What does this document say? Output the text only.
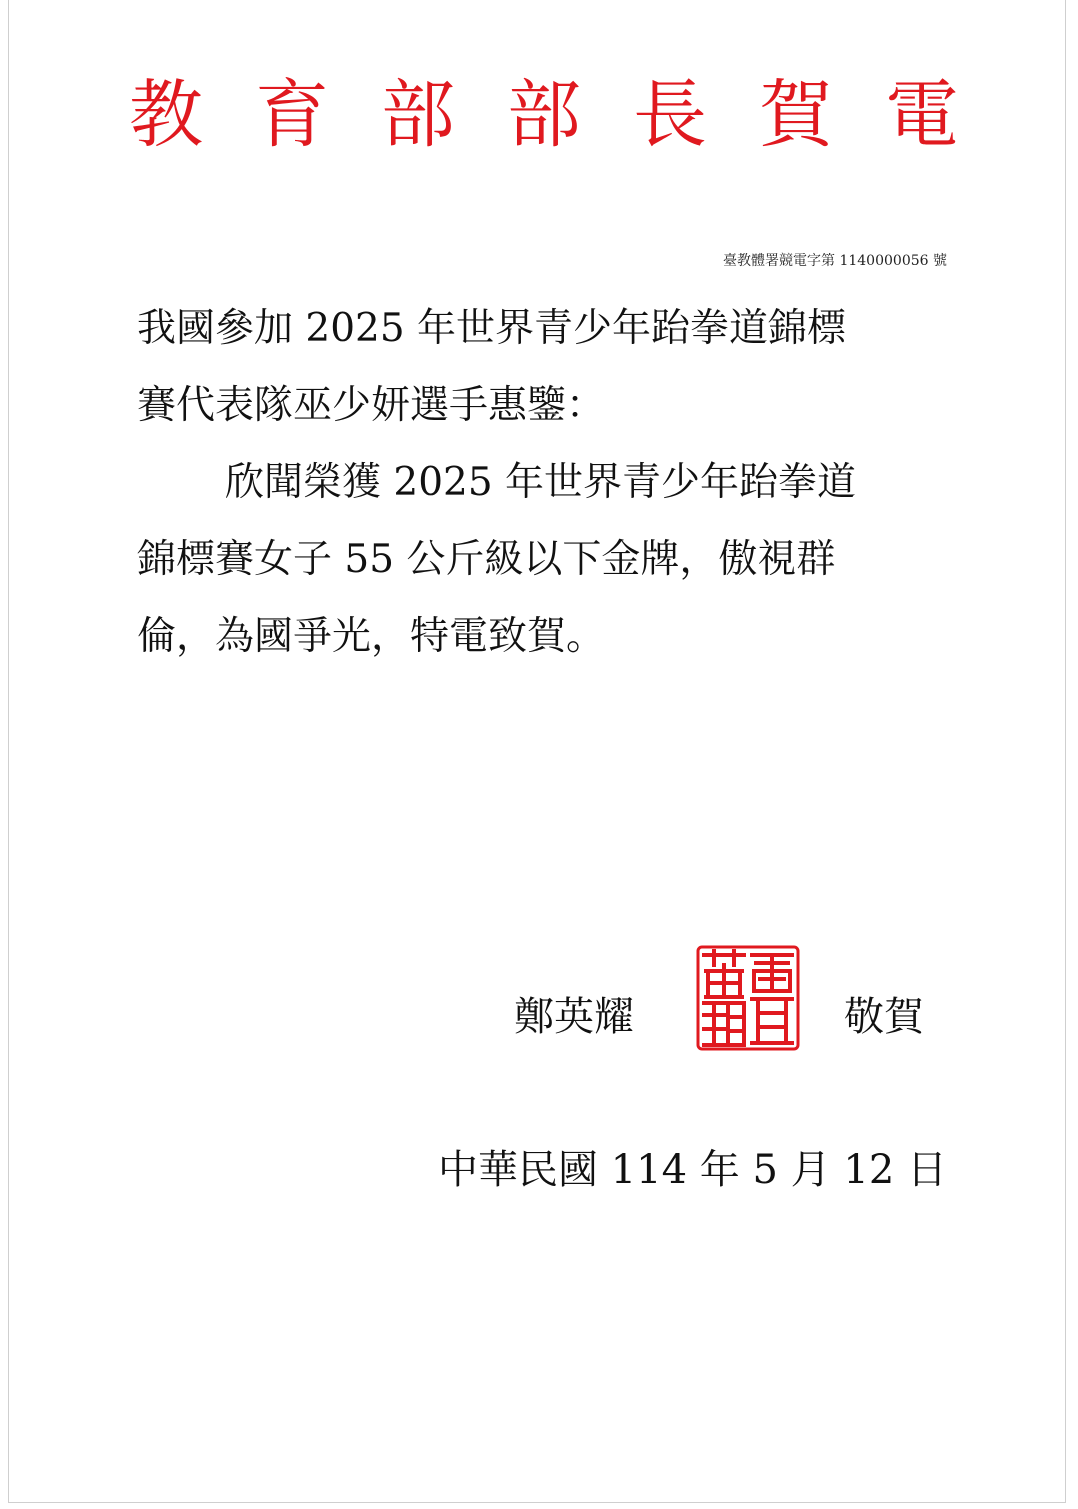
教 育 部 部 長 賀 電
臺教體署競電字第 1140000056 號
我國參加 2025 年世界青少年跆拳道錦標
賽代表隊巫少妍選手惠鑒：
欣聞榮獲 2025 年世界青少年跆拳道
錦標賽女子 55 公斤級以下金牌，傲視群
倫，為國爭光，特電致賀。
鄭英耀	敬賀
中華民國 114 年 5 月 12 日
